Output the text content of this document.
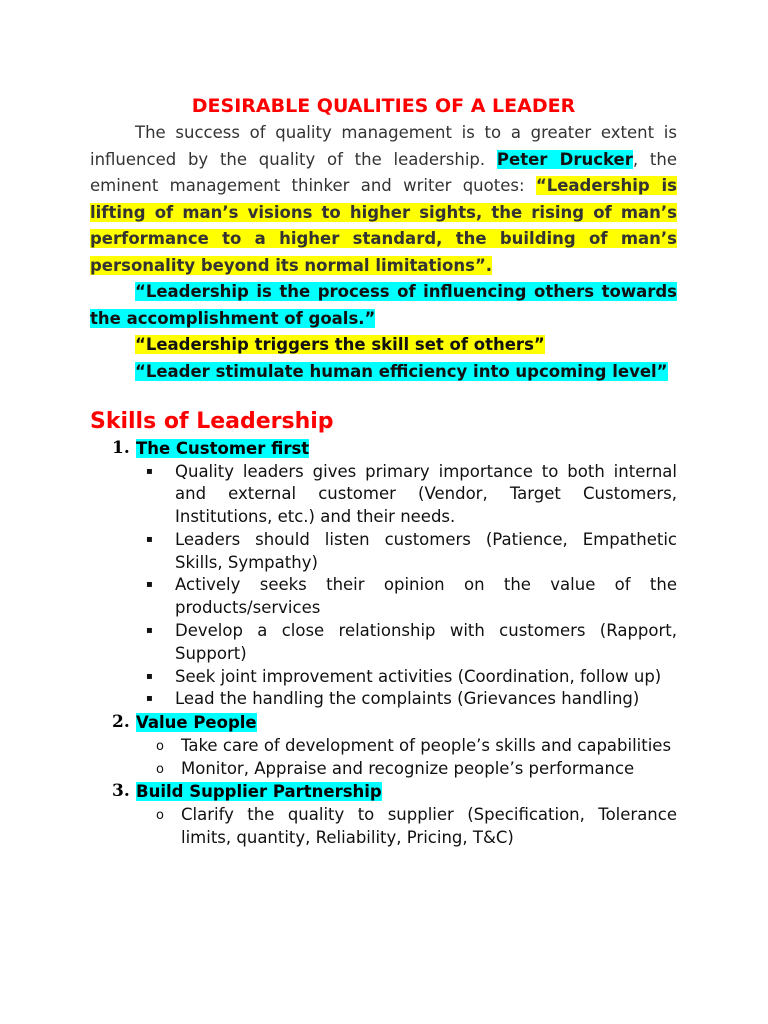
DESIRABLE QUALITIES OF A LEADER

The success of quality management is to a greater extent is influenced by the quality of the leadership. Peter Drucker, the eminent management thinker and writer quotes: “Leadership is lifting of man’s visions to higher sights, the rising of man’s performance to a higher standard, the building of man’s personality beyond its normal limitations”.

“Leadership is the process of influencing others towards the accomplishment of goals.”

“Leadership triggers the skill set of others”

“Leader stimulate human efficiency into upcoming level”

Skills of Leadership
1. The Customer first
▪ Quality leaders gives primary importance to both internal and external customer (Vendor, Target Customers, Institutions, etc.) and their needs.
▪ Leaders should listen customers (Patience, Empathetic Skills, Sympathy)
▪ Actively seeks their opinion on the value of the products/services
▪ Develop a close relationship with customers (Rapport, Support)
▪ Seek joint improvement activities (Coordination, follow up)
▪ Lead the handling the complaints (Grievances handling)
2. Value People
o Take care of development of people’s skills and capabilities
o Monitor, Appraise and recognize people’s performance
3. Build Supplier Partnership
o Clarify the quality to supplier (Specification, Tolerance limits, quantity, Reliability, Pricing, T&C)
